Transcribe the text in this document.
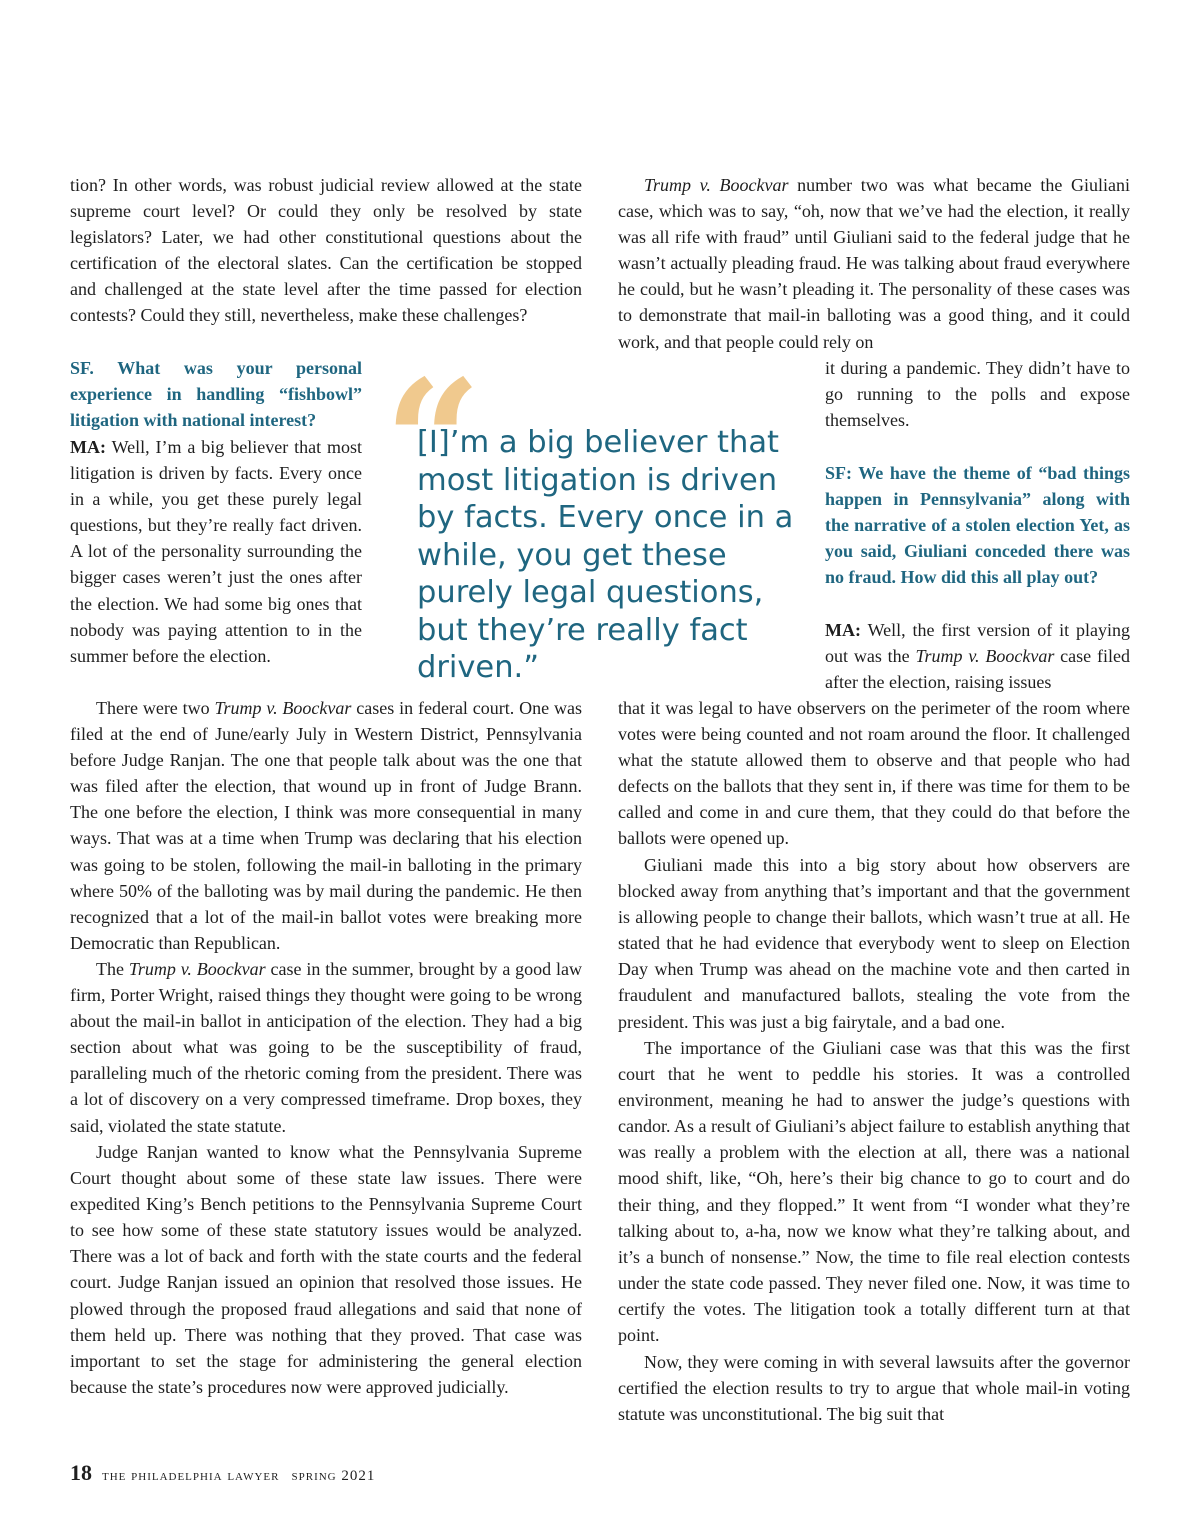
tion? In other words, was robust judicial review allowed at the state supreme court level? Or could they only be resolved by state legislators? Later, we had other constitutional questions about the certification of the electoral slates. Can the certification be stopped and challenged at the state level after the time passed for election contests? Could they still, nevertheless, make these challenges?

SF. What was your personal experience in handling “fishbowl” litigation with national interest?

MA: Well, I’m a big believer that most litigation is driven by facts. Every once in a while, you get these purely legal questions, but they’re really fact driven. A lot of the personality surrounding the bigger cases weren’t just the ones after the election. We had some big ones that nobody was paying attention to in the summer before the election.

There were two Trump v. Boockvar cases in federal court. One was filed at the end of June/early July in Western District, Pennsylvania before Judge Ranjan. The one that people talk about was the one that was filed after the election, that wound up in front of Judge Brann. The one before the election, I think was more consequential in many ways. That was at a time when Trump was declaring that his election was going to be stolen, following the mail-in balloting in the primary where 50% of the balloting was by mail during the pandemic. He then recognized that a lot of the mail-in ballot votes were breaking more Democratic than Republican.

The Trump v. Boockvar case in the summer, brought by a good law firm, Porter Wright, raised things they thought were going to be wrong about the mail-in ballot in anticipation of the election. They had a big section about what was going to be the susceptibility of fraud, paralleling much of the rhetoric coming from the president. There was a lot of discovery on a very compressed timeframe. Drop boxes, they said, violated the state statute.

Judge Ranjan wanted to know what the Pennsylvania Supreme Court thought about some of these state law issues. There were expedited King’s Bench petitions to the Pennsylvania Supreme Court to see how some of these state statutory issues would be analyzed. There was a lot of back and forth with the state courts and the federal court. Judge Ranjan issued an opinion that resolved those issues. He plowed through the proposed fraud allegations and said that none of them held up. There was nothing that they proved. That case was important to set the stage for administering the general election because the state’s procedures now were approved judicially.

“

[I]’m a big believer that most litigation is driven by facts. Every once in a while, you get these purely legal questions, but they’re really fact driven.”

Trump v. Boockvar number two was what became the Giuliani case, which was to say, “oh, now that we’ve had the election, it really was all rife with fraud” until Giuliani said to the federal judge that he wasn’t actually pleading fraud. He was talking about fraud everywhere he could, but he wasn’t pleading it. The personality of these cases was to demonstrate that mail-in balloting was a good thing, and it could work, and that people could rely on

it during a pandemic. They didn’t have to go running to the polls and expose themselves.

SF: We have the theme of “bad things happen in Pennsylvania” along with the narrative of a stolen election Yet, as you said, Giuliani conceded there was no fraud. How did this all play out?

MA: Well, the first version of it playing out was the Trump v. Boockvar case filed after the election, raising issues

that it was legal to have observers on the perimeter of the room where votes were being counted and not roam around the floor. It challenged what the statute allowed them to observe and that people who had defects on the ballots that they sent in, if there was time for them to be called and come in and cure them, that they could do that before the ballots were opened up.

Giuliani made this into a big story about how observers are blocked away from anything that’s important and that the government is allowing people to change their ballots, which wasn’t true at all. He stated that he had evidence that everybody went to sleep on Election Day when Trump was ahead on the machine vote and then carted in fraudulent and manufactured ballots, stealing the vote from the president. This was just a big fairytale, and a bad one.

The importance of the Giuliani case was that this was the first court that he went to peddle his stories. It was a controlled environment, meaning he had to answer the judge’s questions with candor. As a result of Giuliani’s abject failure to establish anything that was really a problem with the election at all, there was a national mood shift, like, “Oh, here’s their big chance to go to court and do their thing, and they flopped.” It went from “I wonder what they’re talking about to, a-ha, now we know what they’re talking about, and it’s a bunch of nonsense.” Now, the time to file real election contests under the state code passed. They never filed one. Now, it was time to certify the votes. The litigation took a totally different turn at that point.

Now, they were coming in with several lawsuits after the governor certified the election results to try to argue that whole mail-in voting statute was unconstitutional. The big suit that

18 the philadelphia lawyer spring 2021
